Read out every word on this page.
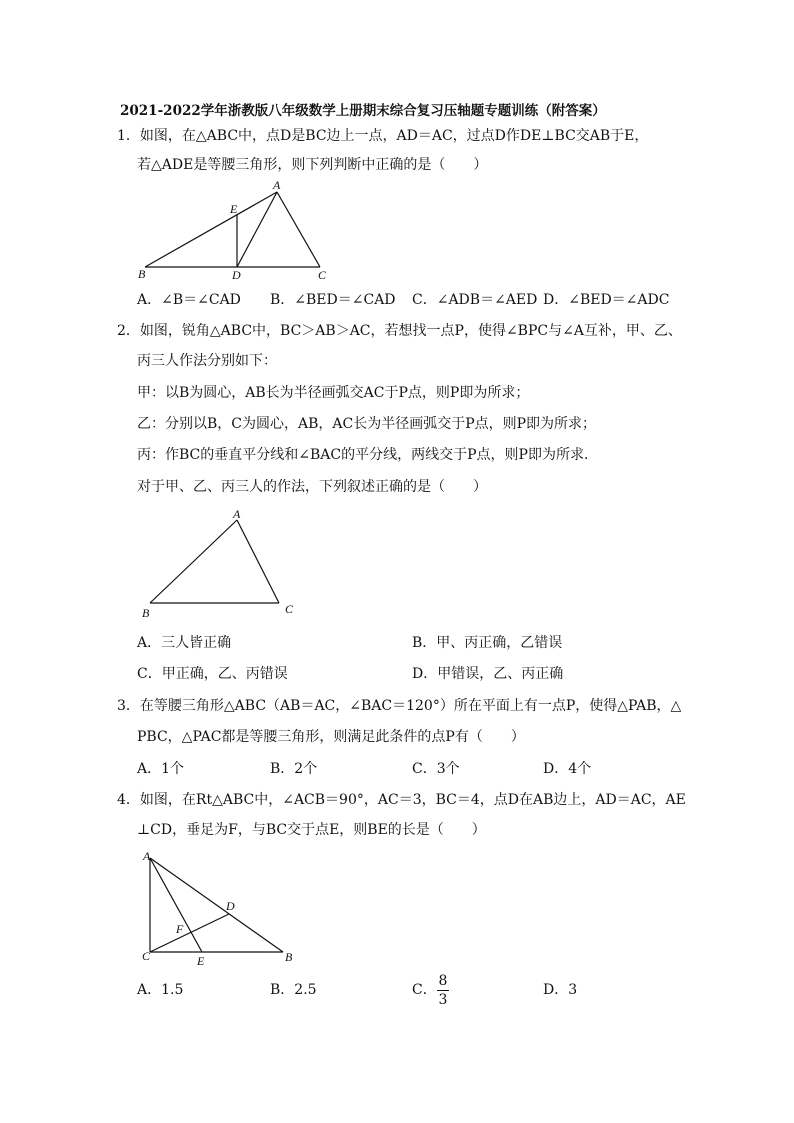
2021-2022学年浙教版八年级数学上册期末综合复习压轴题专题训练（附答案）
1．如图，在△ABC中，点D是BC边上一点，AD＝AC，过点D作DE⊥BC交AB于E，
若△ADE是等腰三角形，则下列判断中正确的是（　　）
A
E
B	D	C
A．∠B＝∠CAD B．∠BED＝∠CAD C．∠ADB＝∠AED D．∠BED＝∠ADC
2．如图，锐角△ABC中，BC＞AB＞AC，若想找一点P，使得∠BPC与∠A互补，甲、乙、
丙三人作法分别如下：
甲：以B为圆心，AB长为半径画弧交AC于P点，则P即为所求；
乙：分别以B，C为圆心，AB，AC长为半径画弧交于P点，则P即为所求；
丙：作BC的垂直平分线和∠BAC的平分线，两线交于P点，则P即为所求．
对于甲、乙、丙三人的作法，下列叙述正确的是（　　）
A
B	C
A．三人皆正确	B．甲、丙正确，乙错误
C．甲正确，乙、丙错误	D．甲错误，乙、丙正确
3．在等腰三角形△ABC（AB＝AC，∠BAC＝120°）所在平面上有一点P，使得△PAB，△
PBC，△PAC都是等腰三角形，则满足此条件的点P有（　　）
A．1个	B．2个	C．3个	D．4个
4．如图，在Rt△ABC中，∠ACB＝90°，AC＝3，BC＝4，点D在AB边上，AD＝AC，AE
⊥CD，垂足为F，与BC交于点E，则BE的长是（　　）
A
D
F
C	E	B
A．1.5	B．2.5	C．
8
3
D．3
